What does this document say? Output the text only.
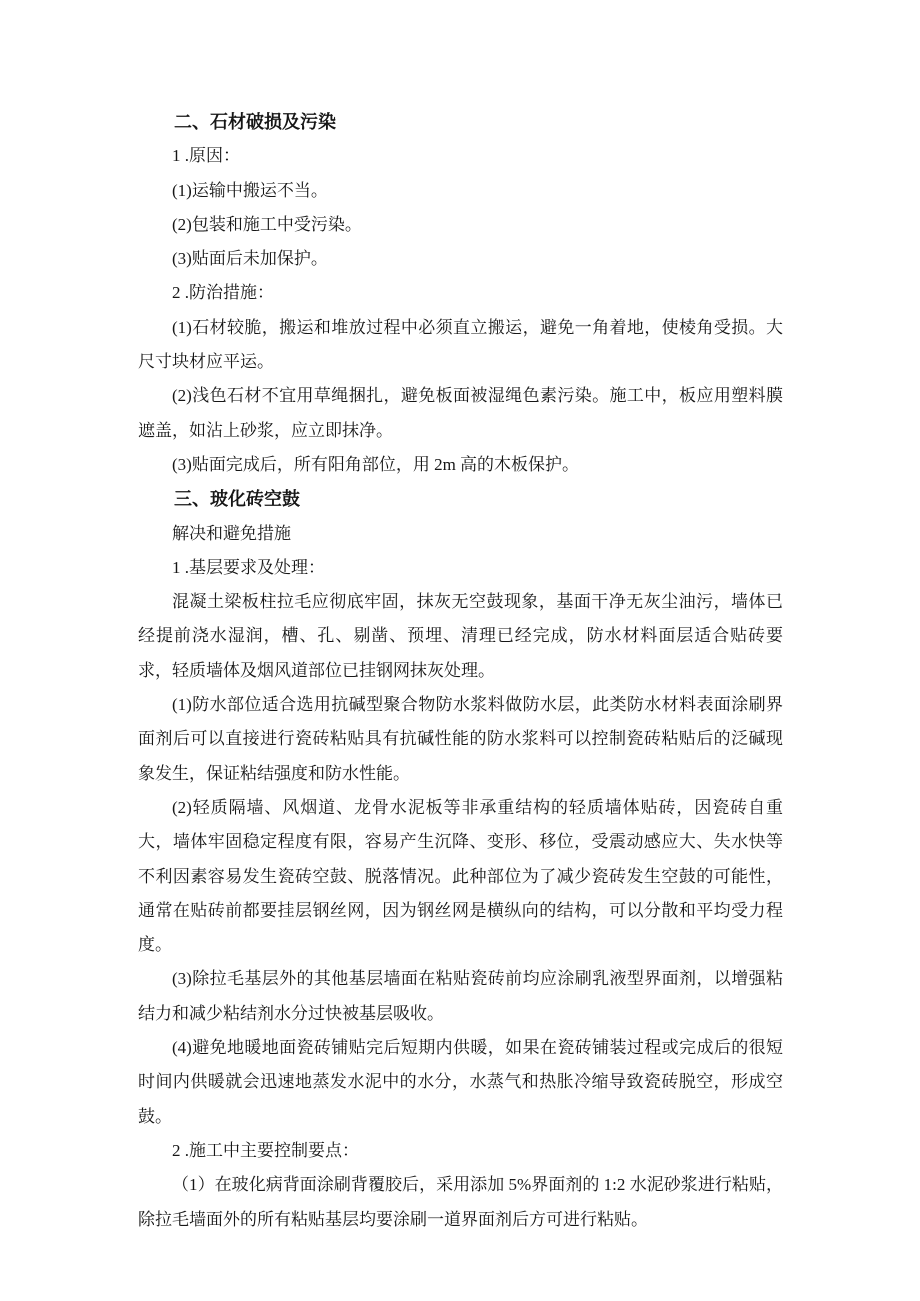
二、石材破损及污染

1 .原因：

(1)运输中搬运不当。

(2)包装和施工中受污染。

(3)贴面后未加保护。

2 .防治措施：

(1)石材较脆，搬运和堆放过程中必须直立搬运，避免一角着地，使棱角受损。大尺寸块材应平运。

(2)浅色石材不宜用草绳捆扎，避免板面被湿绳色素污染。施工中，板应用塑料膜遮盖，如沾上砂浆，应立即抹净。

(3)贴面完成后，所有阳角部位，用 2m 高的木板保护。

三、玻化砖空鼓

解决和避免措施

1 .基层要求及处理：

混凝土梁板柱拉毛应彻底牢固，抹灰无空鼓现象，基面干净无灰尘油污，墙体已经提前浇水湿润，槽、孔、剔凿、预埋、清理已经完成，防水材料面层适合贴砖要求，轻质墙体及烟风道部位已挂钢网抹灰处理。

(1)防水部位适合选用抗碱型聚合物防水浆料做防水层，此类防水材料表面涂刷界面剂后可以直接进行瓷砖粘贴具有抗碱性能的防水浆料可以控制瓷砖粘贴后的泛碱现象发生，保证粘结强度和防水性能。

(2)轻质隔墙、风烟道、龙骨水泥板等非承重结构的轻质墙体贴砖，因瓷砖自重大，墙体牢固稳定程度有限，容易产生沉降、变形、移位，受震动感应大、失水快等不利因素容易发生瓷砖空鼓、脱落情况。此种部位为了减少瓷砖发生空鼓的可能性，通常在贴砖前都要挂层钢丝网，因为钢丝网是横纵向的结构，可以分散和平均受力程度。

(3)除拉毛基层外的其他基层墙面在粘贴瓷砖前均应涂刷乳液型界面剂，以增强粘结力和减少粘结剂水分过快被基层吸收。

(4)避免地暖地面瓷砖铺贴完后短期内供暖，如果在瓷砖铺装过程或完成后的很短时间内供暖就会迅速地蒸发水泥中的水分，水蒸气和热胀冷缩导致瓷砖脱空，形成空鼓。

2 .施工中主要控制要点：

（1）在玻化病背面涂刷背覆胶后，采用添加 5%界面剂的 1:2 水泥砂浆进行粘贴，除拉毛墙面外的所有粘贴基层均要涂刷一道界面剂后方可进行粘贴。
